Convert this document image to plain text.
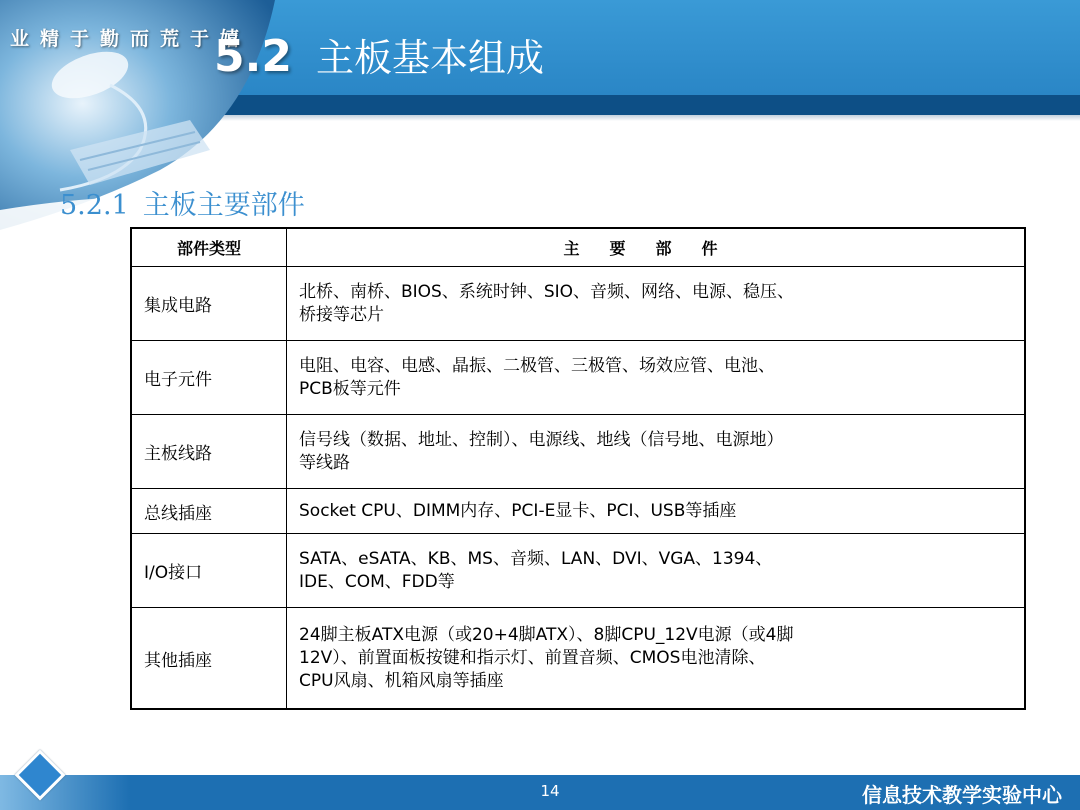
业精于勤而荒于嬉
5.2 主板基本组成
5.2.1 主板主要部件
部件类型	主要部件
集成电路	北桥、南桥、BIOS、系统时钟、SIO、音频、网络、电源、稳压、
桥接等芯片
电子元件	电阻、电容、电感、晶振、二极管、三极管、场效应管、电池、
PCB板等元件
主板线路	信号线（数据、地址、控制）、电源线、地线（信号地、电源地）
等线路
总线插座	Socket CPU、DIMM内存、PCI-E显卡、PCI、USB等插座
I/O接口	SATA、eSATA、KB、MS、音频、LAN、DVI、VGA、1394、
IDE、COM、FDD等
其他插座	24脚主板ATX电源（或20+4脚ATX）、8脚CPU_12V电源（或4脚
12V）、前置面板按键和指示灯、前置音频、CMOS电池清除、
CPU风扇、机箱风扇等插座
14	信息技术教学实验中心
